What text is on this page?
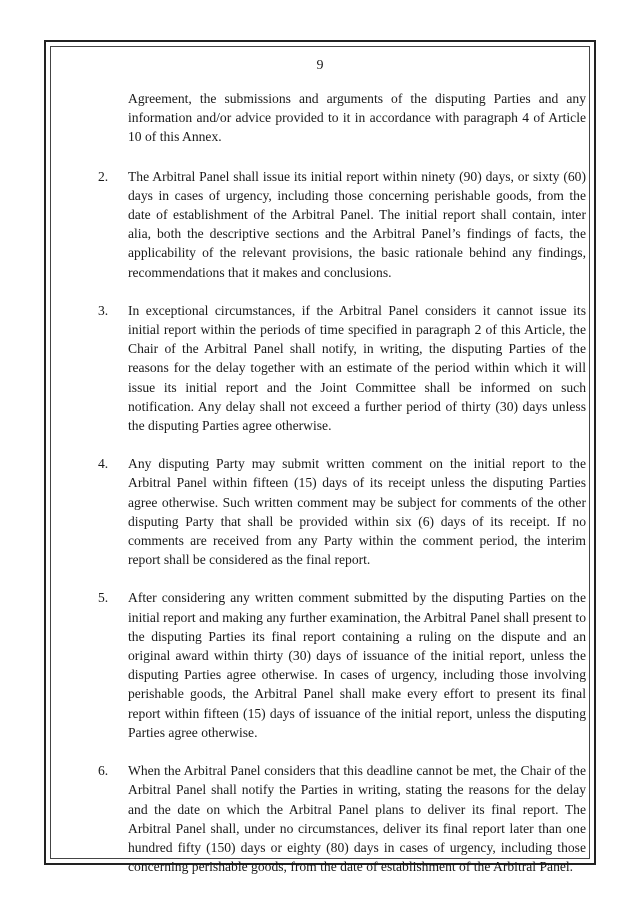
9
Agreement, the submissions and arguments of the disputing Parties and any information and/or advice provided to it in accordance with paragraph 4 of Article 10 of this Annex.
2.	The Arbitral Panel shall issue its initial report within ninety (90) days, or sixty (60) days in cases of urgency, including those concerning perishable goods, from the date of establishment of the Arbitral Panel. The initial report shall contain, inter alia, both the descriptive sections and the Arbitral Panel’s findings of facts, the applicability of the relevant provisions, the basic rationale behind any findings, recommendations that it makes and conclusions.
3.	In exceptional circumstances, if the Arbitral Panel considers it cannot issue its initial report within the periods of time specified in paragraph 2 of this Article, the Chair of the Arbitral Panel shall notify, in writing, the disputing Parties of the reasons for the delay together with an estimate of the period within which it will issue its initial report and the Joint Committee shall be informed on such notification. Any delay shall not exceed a further period of thirty (30) days unless the disputing Parties agree otherwise.
4.	Any disputing Party may submit written comment on the initial report to the Arbitral Panel within fifteen (15) days of its receipt unless the disputing Parties agree otherwise. Such written comment may be subject for comments of the other disputing Party that shall be provided within six (6) days of its receipt. If no comments are received from any Party within the comment period, the interim report shall be considered as the final report.
5.	After considering any written comment submitted by the disputing Parties on the initial report and making any further examination, the Arbitral Panel shall present to the disputing Parties its final report containing a ruling on the dispute and an original award within thirty (30) days of issuance of the initial report, unless the disputing Parties agree otherwise. In cases of urgency, including those involving perishable goods, the Arbitral Panel shall make every effort to present its final report within fifteen (15) days of issuance of the initial report, unless the disputing Parties agree otherwise.
6.	When the Arbitral Panel considers that this deadline cannot be met, the Chair of the Arbitral Panel shall notify the Parties in writing, stating the reasons for the delay and the date on which the Arbitral Panel plans to deliver its final report. The Arbitral Panel shall, under no circumstances, deliver its final report later than one hundred fifty (150) days or eighty (80) days in cases of urgency, including those concerning perishable goods, from the date of establishment of the Arbitral Panel.
